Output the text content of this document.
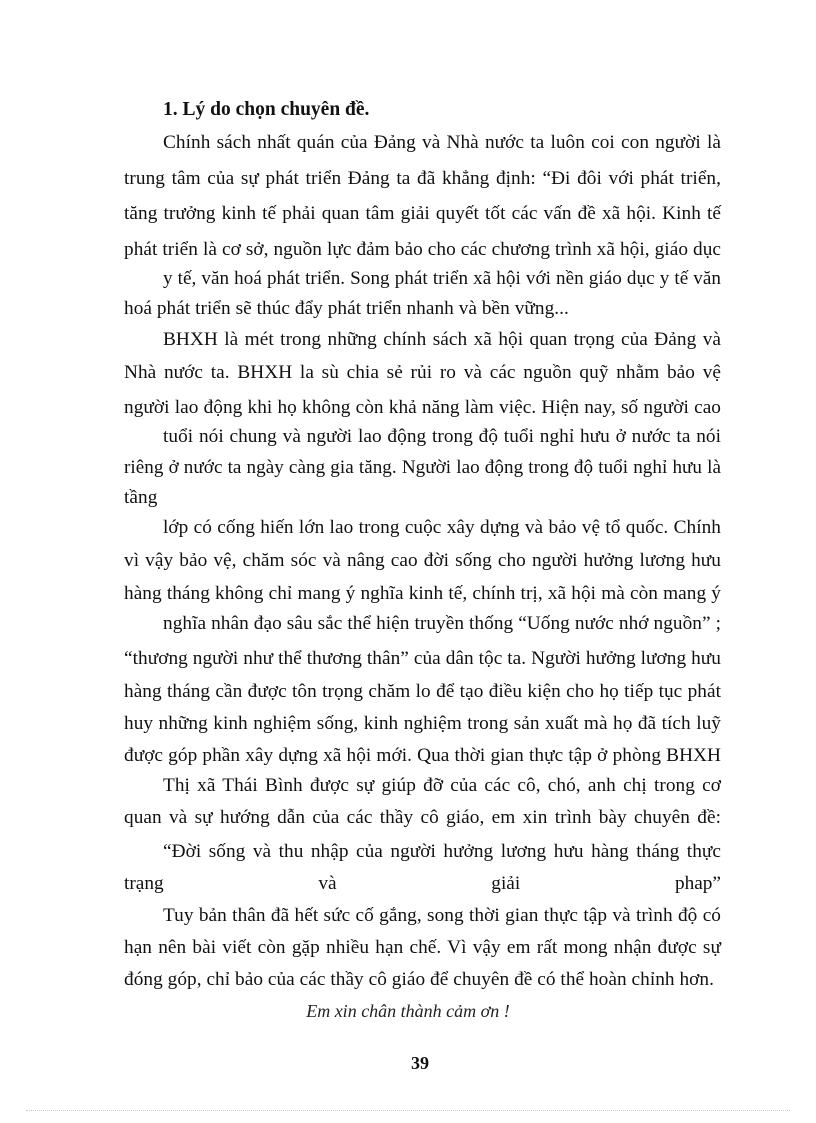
1. Lý do chọn chuyên đề.
Chính sách nhất quán của Đảng và Nhà nước ta luôn coi con người là
trung tâm của sự phát triển Đảng ta đã khẳng định: “Đi đôi với phát triển,
tăng trưởng kinh tế phải quan tâm giải quyết tốt các vấn đề xã hội. Kinh tế
phát triển là cơ sở, nguồn lực đảm bảo cho các chương trình xã hội, giáo dục
y tế, văn hoá phát triển. Song phát triển xã hội với nền giáo dục y tế văn
hoá phát triển sẽ thúc đẩy phát triển nhanh và bền vững...
BHXH là mét trong những chính sách xã hội quan trọng của Đảng và
Nhà nước ta. BHXH la sù chia sẻ rủi ro và các nguồn quỹ nhằm bảo vệ
người lao động khi họ không còn khả năng làm việc. Hiện nay, số người cao
tuổi nói chung và người lao động trong độ tuổi nghỉ hưu ở nước ta nói
riêng ở nước ta ngày càng gia tăng. Người lao động trong độ tuổi nghỉ hưu là
tầng
lớp có cống hiến lớn lao trong cuộc xây dựng và bảo vệ tổ quốc. Chính
vì vậy bảo vệ, chăm sóc và nâng cao đời sống cho người hưởng lương hưu
hàng tháng không chỉ mang ý nghĩa kinh tế, chính trị, xã hội mà còn mang ý
nghĩa nhân đạo sâu sắc thể hiện truyền thống “Uống nước nhớ nguồn” ;
“thương người như thể thương thân” của dân tộc ta. Người hưởng lương hưu
hàng tháng cần được tôn trọng chăm lo để tạo điều kiện cho họ tiếp tục phát
huy những kinh nghiệm sống, kinh nghiệm trong sản xuất mà họ đã tích luỹ
được góp phần xây dựng xã hội mới. Qua thời gian thực tập ở phòng BHXH
Thị xã Thái Bình được sự giúp đỡ của các cô, chó, anh chị trong cơ
quan và sự hướng dẫn của các thầy cô giáo, em xin trình bày chuyên đề:
“Đời sống và thu nhập của người hưởng lương hưu hàng tháng thực
trạng và giải phap”
Tuy bản thân đã hết sức cố gắng, song thời gian thực tập và trình độ có
hạn nên bài viết còn gặp nhiều hạn chế. Vì vậy em rất mong nhận được sự
đóng góp, chỉ bảo của các thầy cô giáo để chuyên đề có thể hoàn chỉnh hơn.
Em xin chân thành cảm ơn !
39
